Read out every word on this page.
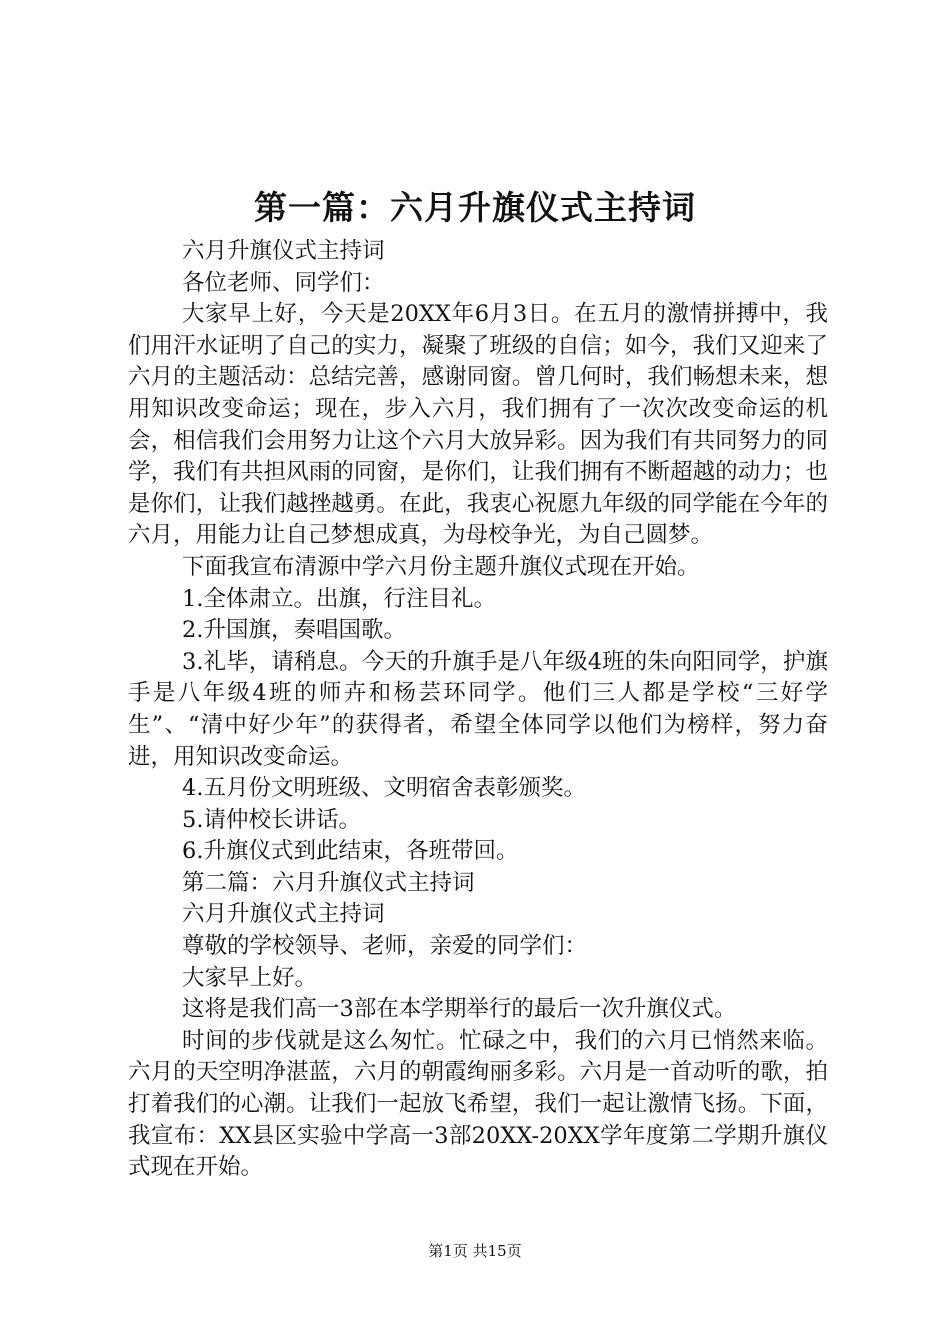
第一篇：六月升旗仪式主持词

六月升旗仪式主持词

各位老师、同学们：

大家早上好，今天是20XX年6月3日。在五月的激情拼搏中，我们用汗水证明了自己的实力，凝聚了班级的自信；如今，我们又迎来了六月的主题活动：总结完善，感谢同窗。曾几何时，我们畅想未来，想用知识改变命运；现在，步入六月，我们拥有了一次次改变命运的机会，相信我们会用努力让这个六月大放异彩。因为我们有共同努力的同学，我们有共担风雨的同窗，是你们，让我们拥有不断超越的动力；也是你们，让我们越挫越勇。在此，我衷心祝愿九年级的同学能在今年的六月，用能力让自己梦想成真，为母校争光，为自己圆梦。

下面我宣布清源中学六月份主题升旗仪式现在开始。

1.全体肃立。出旗，行注目礼。

2.升国旗，奏唱国歌。

3.礼毕，请稍息。今天的升旗手是八年级4班的朱向阳同学，护旗手是八年级4班的师卉和杨芸环同学。他们三人都是学校“三好学生”、“清中好少年”的获得者，希望全体同学以他们为榜样，努力奋进，用知识改变命运。

4.五月份文明班级、文明宿舍表彰颁奖。

5.请仲校长讲话。

6.升旗仪式到此结束，各班带回。

第二篇：六月升旗仪式主持词

六月升旗仪式主持词

尊敬的学校领导、老师，亲爱的同学们：

大家早上好。

这将是我们高一3部在本学期举行的最后一次升旗仪式。

时间的步伐就是这么匆忙。忙碌之中，我们的六月已悄然来临。六月的天空明净湛蓝，六月的朝霞绚丽多彩。六月是一首动听的歌，拍打着我们的心潮。让我们一起放飞希望，我们一起让激情飞扬。下面，我宣布：XX县区实验中学高一3部20XX-20XX学年度第二学期升旗仪式现在开始。

第1页 共15页
